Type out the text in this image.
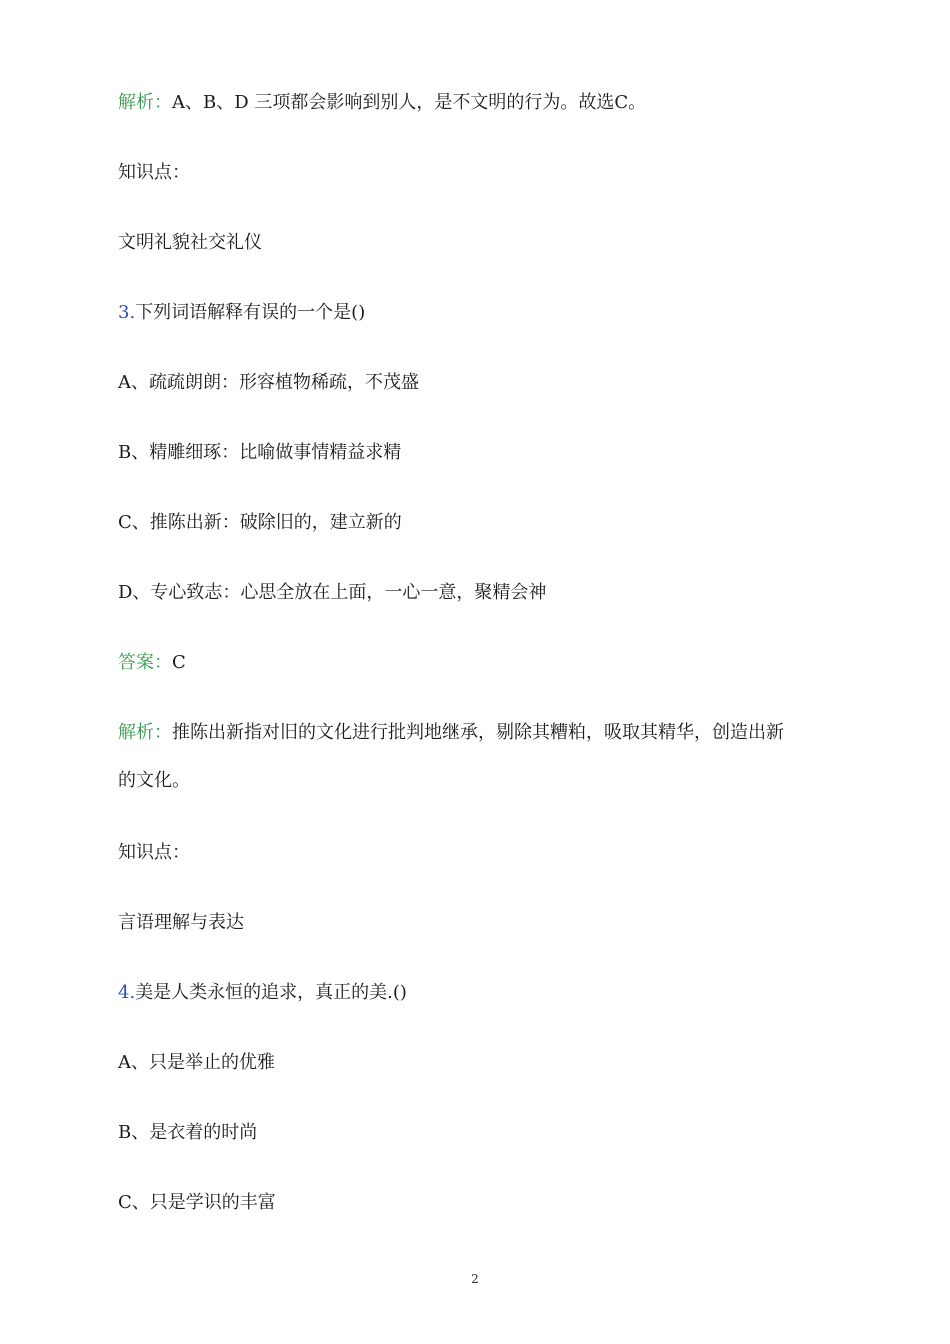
解析：A、B、D 三项都会影响到别人，是不文明的行为。故选C。
知识点：
文明礼貌社交礼仪
3.下列词语解释有误的一个是()
A、疏疏朗朗：形容植物稀疏，不茂盛
B、精雕细琢：比喻做事情精益求精
C、推陈出新：破除旧的，建立新的
D、专心致志：心思全放在上面，一心一意，聚精会神
答案：C
解析：推陈出新指对旧的文化进行批判地继承，剔除其糟粕，吸取其精华，创造出新
的文化。
知识点：
言语理解与表达
4.美是人类永恒的追求，真正的美.()
A、只是举止的优雅
B、是衣着的时尚
C、只是学识的丰富
2
